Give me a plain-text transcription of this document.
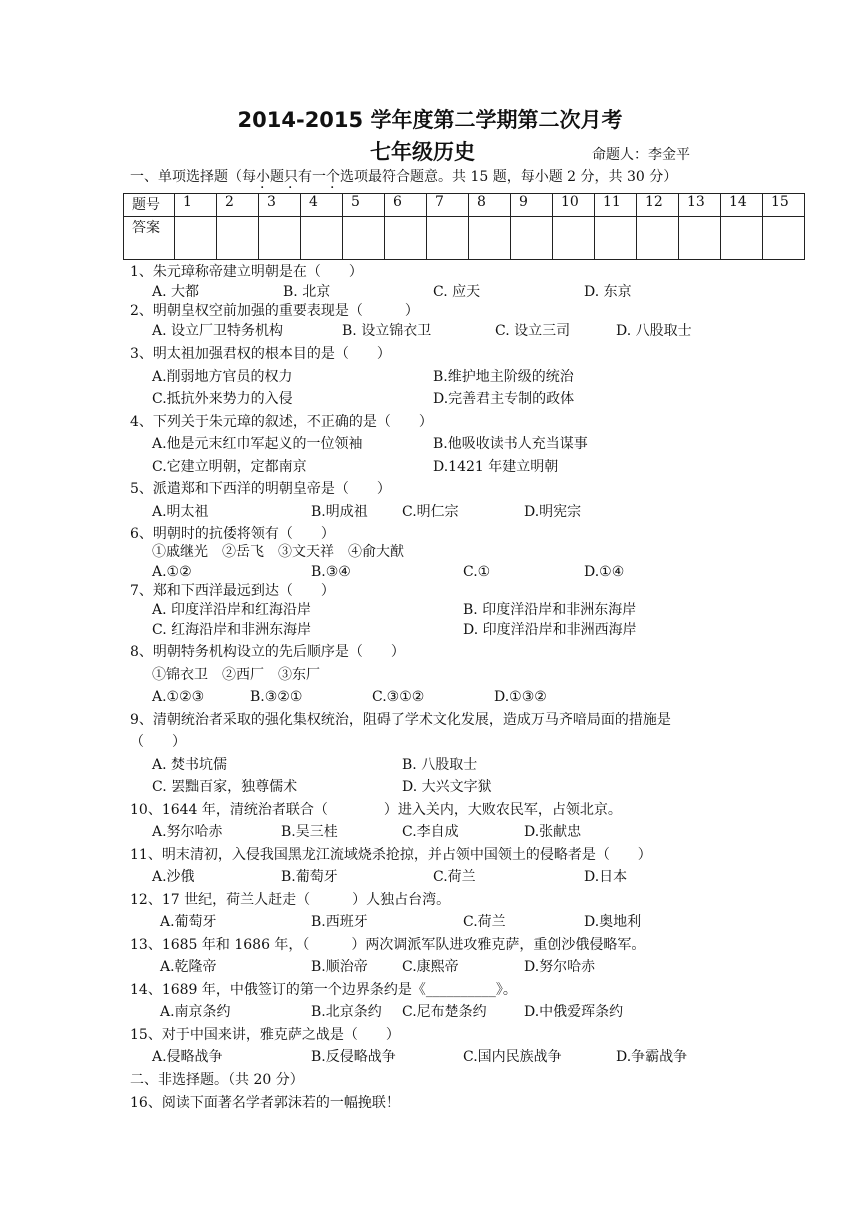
2014-2015 学年度第二学期第二次月考
七年级历史	命题人：李金平
一、单项选择题（每小题只有一个选项最符合题意。共 15 题，每小题 2 分，共 30 分）
题号	1	2	3	4	5	6	7	8	9	10	11	12	13	14	15
答案															
1、朱元璋称帝建立明朝是在（　　）
A. 大都	B. 北京	C. 应天	D. 东京
2、明朝皇权空前加强的重要表现是（　　　）
A. 设立厂卫特务机构	B. 设立锦衣卫	C. 设立三司	D. 八股取士
3、明太祖加强君权的根本目的是（　　）
A.削弱地方官员的权力	B.维护地主阶级的统治
C.抵抗外来势力的入侵	D.完善君主专制的政体
4、下列关于朱元璋的叙述，不正确的是（　　）
A.他是元末红巾军起义的一位领袖	B.他吸收读书人充当谋事
C.它建立明朝，定都南京	D.1421 年建立明朝
5、派遣郑和下西洋的明朝皇帝是（　　）
A.明太祖	B.明成祖 C.明仁宗	D.明宪宗
6、明朝时的抗倭将领有（　　）
①戚继光　②岳飞　③文天祥　④俞大猷
A.①②	B.③④	C.①	D.①④
7、郑和下西洋最远到达（　　）
A. 印度洋沿岸和红海沿岸	B. 印度洋沿岸和非洲东海岸
C. 红海沿岸和非洲东海岸	D. 印度洋沿岸和非洲西海岸
8、明朝特务机构设立的先后顺序是（　　）
①锦衣卫　②西厂　③东厂
A.①②③	B.③②①	C.③①②	D.①③②
9、清朝统治者采取的强化集权统治，阻碍了学术文化发展，造成万马齐喑局面的措施是
（　　）
A. 焚书坑儒	B. 八股取士
C. 罢黜百家，独尊儒术	D. 大兴文字狱
10、1644 年，清统治者联合（　　　　）进入关内，大败农民军，占领北京。
A.努尔哈赤	B.吴三桂	C.李自成	D.张献忠
11、明末清初，入侵我国黑龙江流域烧杀抢掠，并占领中国领土的侵略者是（　　）
A.沙俄	B.葡萄牙	C.荷兰	D.日本
12、17 世纪，荷兰人赶走（　　　）人独占台湾。
A.葡萄牙	B.西班牙	C.荷兰	D.奥地利
13、1685 年和 1686 年，（　　　）两次调派军队进攻雅克萨，重创沙俄侵略军。
A.乾隆帝	B.顺治帝 C.康熙帝	D.努尔哈赤
14、1689 年，中俄签订的第一个边界条约是《__________》。
A.南京条约	B.北京条约 C.尼布楚条约	D.中俄爱珲条约
15、对于中国来讲，雅克萨之战是（　　）
A.侵略战争	B.反侵略战争	C.国内民族战争	D.争霸战争
二、非选择题。（共 20 分）
16、阅读下面著名学者郭沫若的一幅挽联！
